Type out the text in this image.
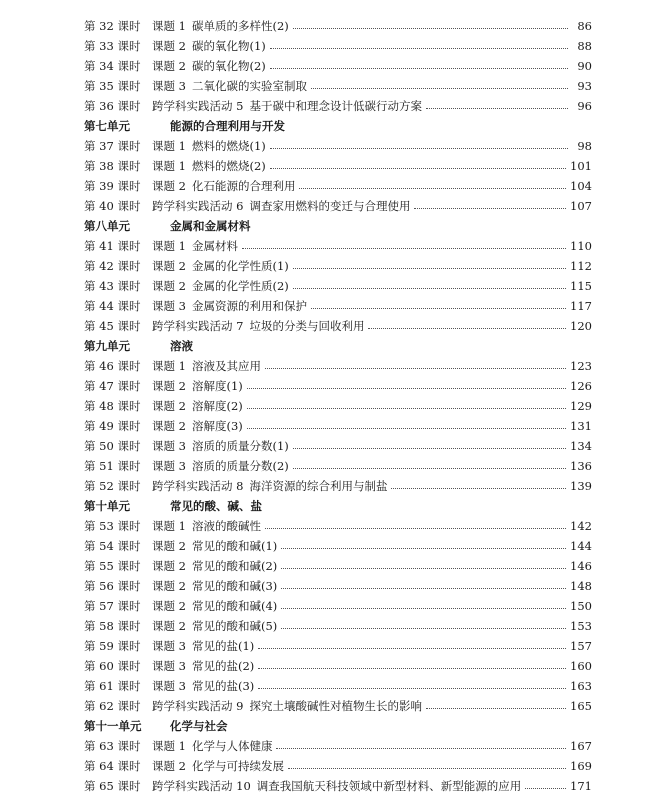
第 32 课时	课题 1 碳单质的多样性(2)	86
第 33 课时	课题 2 碳的氧化物(1)	88
第 34 课时	课题 2 碳的氧化物(2)	90
第 35 课时	课题 3 二氧化碳的实验室制取	93
第 36 课时	跨学科实践活动 5 基于碳中和理念设计低碳行动方案	96
第七单元	能源的合理利用与开发
第 37 课时	课题 1 燃料的燃烧(1)	98
第 38 课时	课题 1 燃料的燃烧(2)	101
第 39 课时	课题 2 化石能源的合理利用	104
第 40 课时	跨学科实践活动 6 调查家用燃料的变迁与合理使用	107
第八单元	金属和金属材料
第 41 课时	课题 1 金属材料	110
第 42 课时	课题 2 金属的化学性质(1)	112
第 43 课时	课题 2 金属的化学性质(2)	115
第 44 课时	课题 3 金属资源的利用和保护	117
第 45 课时	跨学科实践活动 7 垃圾的分类与回收利用	120
第九单元	溶液
第 46 课时	课题 1 溶液及其应用	123
第 47 课时	课题 2 溶解度(1)	126
第 48 课时	课题 2 溶解度(2)	129
第 49 课时	课题 2 溶解度(3)	131
第 50 课时	课题 3 溶质的质量分数(1)	134
第 51 课时	课题 3 溶质的质量分数(2)	136
第 52 课时	跨学科实践活动 8 海洋资源的综合利用与制盐	139
第十单元	常见的酸、碱、盐
第 53 课时	课题 1 溶液的酸碱性	142
第 54 课时	课题 2 常见的酸和碱(1)	144
第 55 课时	课题 2 常见的酸和碱(2)	146
第 56 课时	课题 2 常见的酸和碱(3)	148
第 57 课时	课题 2 常见的酸和碱(4)	150
第 58 课时	课题 2 常见的酸和碱(5)	153
第 59 课时	课题 3 常见的盐(1)	157
第 60 课时	课题 3 常见的盐(2)	160
第 61 课时	课题 3 常见的盐(3)	163
第 62 课时	跨学科实践活动 9 探究土壤酸碱性对植物生长的影响	165
第十一单元	化学与社会
第 63 课时	课题 1 化学与人体健康	167
第 64 课时	课题 2 化学与可持续发展	169
第 65 课时	跨学科实践活动 10 调查我国航天科技领域中新型材料、新型能源的应用	171
